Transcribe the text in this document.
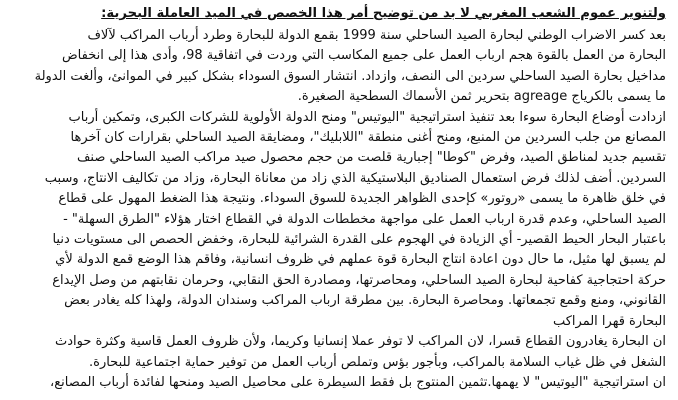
ولتنوير عموم الشعب المغربي لا بد من توضيح أمر هذا الخصص في الميد العاملة البحرية:
بعد كسر الاضراب الوطني لبحارة الصيد الساحلي سنة 1999 بقمع الدولة للبحارة وطرد أرباب المراكب لآلاف
البحارة من العمل بالقوة هجم ارباب العمل على جميع المكاسب التي وردت في اتفاقية 98، وأدى هذا إلى انخفاض
مداخيل بحارة الصيد الساحلي سردين الى النصف، وازداد. انتشار السوق السوداء بشكل كبير في الموانئ، وألغت الدولة
ما يسمى بالكرياج agreage بتحرير ثمن الأسماك السطحية الصغيرة.
ازدادت أوضاع البحارة سوءا بعد تنفيذ استراتيجية "اليوتيس" ومنح الدولة الأولوية للشركات الكبرى، وتمكين أرباب
المصانع من جلب السردين من المنبع، ومنح أغنى منطقة "اللابليك"، ومضايقة الصيد الساحلي بقرارات كان آخرها
تقسيم جديد لمناطق الصيد، وفرض "كوطا" إجبارية قلصت من حجم محصول صيد مراكب الصيد الساحلي صنف
السردين. أضف لذلك فرض استعمال الصناديق البلاستيكية الذي زاد من معاناة البحارة، وزاد من تكاليف الانتاج، وسبب
في خلق ظاهرة ما يسمى «روتور» كإحدى الظواهر الجديدة للسوق السوداء. ونتيجة هذا الضغط المهول على قطاع
الصيد الساحلي، وعدم قدرة ارباب العمل على مواجهة مخططات الدولة في القطاع اختار هؤلاء "الطرق السهلة" -
باعتبار البحار الحيط القصير- أي الزيادة في الهجوم على القدرة الشرائية للبحارة، وخفض الحصص الى مستويات دنيا
لم يسبق لها مثيل، ما حال دون اعادة انتاج البحارة قوة عملهم في ظروف انسانية، وفاقم هذا الوضع قمع الدولة لأي
حركة احتجاجية كفاحية لبحارة الصيد الساحلي، ومحاصرتها، ومصادرة الحق النقابي، وحرمان نقابتهم من وصل الإيداع
القانوني، ومنع وقمع تجمعاتها. ومحاصرة البحارة. بين مطرقة ارباب المراكب وسندان الدولة، ولهذا كله يغادر بعض
البحارة قهرا المراكب
ان البحارة يغادرون القطاع قسرا، لان المراكب لا توفر عملا إنسانيا وكريما، ولأن ظروف العمل قاسية وكثرة حوادث
الشغل في ظل غياب السلامة بالمراكب، وبأجور بؤس وتملص أرباب العمل من توفير حماية اجتماعية للبحارة.
ان استراتيجية "اليوتيس" لا يهمها.تثمين المنتوج بل فقط السيطرة على محاصيل الصيد ومنحها لفائدة أرباب المصانع،
